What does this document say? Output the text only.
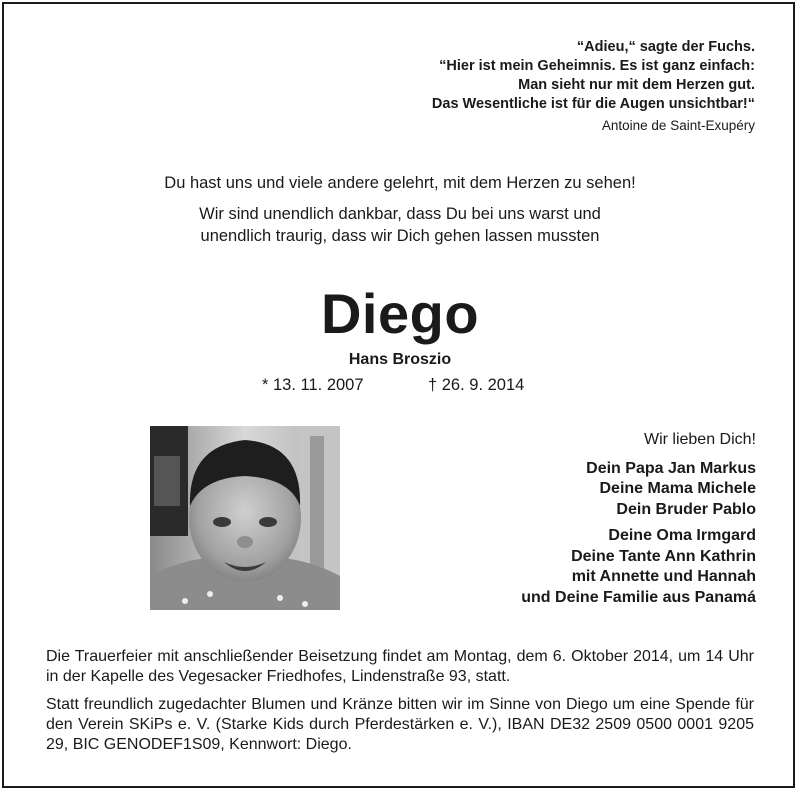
“Adieu,“ sagte der Fuchs.
“Hier ist mein Geheimnis. Es ist ganz einfach:
Man sieht nur mit dem Herzen gut.
Das Wesentliche ist für die Augen unsichtbar!“
Antoine de Saint-Exupéry
Du hast uns und viele andere gelehrt, mit dem Herzen zu sehen!
Wir sind unendlich dankbar, dass Du bei uns warst und
unendlich traurig, dass wir Dich gehen lassen mussten
Diego
Hans Broszio
* 13. 11. 2007	† 26. 9. 2014
Wir lieben Dich!
Dein Papa Jan Markus
Deine Mama Michele
Dein Bruder Pablo
Deine Oma Irmgard
Deine Tante Ann Kathrin
mit Annette und Hannah
und Deine Familie aus Panamá

Die Trauerfeier mit anschließender Beisetzung findet am Montag, dem 6. Oktober 2014, um 14 Uhr in der Kapelle des Vegesacker Friedhofes, Lindenstraße 93, statt.

Statt freundlich zugedachter Blumen und Kränze bitten wir im Sinne von Diego um eine Spende für den Verein SKiPs e. V. (Starke Kids durch Pferdestärken e. V.), IBAN DE32 2509 0500 0001 9205 29, BIC GENODEF1S09, Kennwort: Diego.
